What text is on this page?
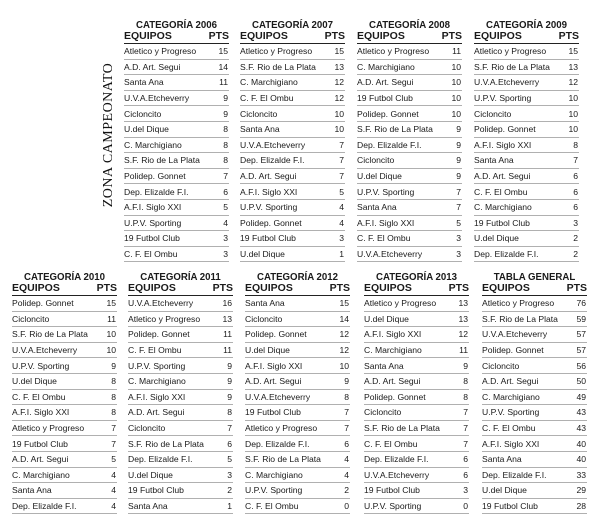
ZONA CAMPEONATO
CATEGORÍA 2006
EQUIPOS	PTS
Atletico y Progreso	15
A.D. Art. Segui	14
Santa Ana	11
U.V.A.Etcheverry	9
Cicloncito	9
U.del Dique	8
C. Marchigiano	8
S.F. Rio de La Plata	8
Polidep. Gonnet	7
Dep. Elizalde F.I.	6
A.F.I. Siglo XXI	5
U.P.V. Sporting	4
19 Futbol Club	3
C. F. El Ombu	3
CATEGORÍA 2007
EQUIPOS	PTS
Atletico y Progreso	15
S.F. Rio de La Plata 13
C. Marchigiano	12
C. F. El Ombu	12
Cicloncito	10
Santa Ana	10
U.V.A.Etcheverry	7
Dep. Elizalde F.I.	7
A.D. Art. Segui	7
A.F.I. Siglo XXI	5
U.P.V. Sporting	4
Polidep. Gonnet	4
19 Futbol Club	3
U.del Dique	1
CATEGORÍA 2008
EQUIPOS	PTS
Atletico y Progreso	11
C. Marchigiano	10
A.D. Art. Segui	10
19 Futbol Club	10
Polidep. Gonnet	10
S.F. Rio de La Plata	9
Dep. Elizalde F.I.	9
Cicloncito	9
U.del Dique	9
U.P.V. Sporting	7
Santa Ana	7
A.F.I. Siglo XXI	5
C. F. El Ombu	3
U.V.A.Etcheverry	3
CATEGORÍA 2009
EQUIPOS	PTS
Atletico y Progreso	15
S.F. Rio de La Plata 13
U.V.A.Etcheverry	12
U.P.V. Sporting	10
Cicloncito	10
Polidep. Gonnet	10
A.F.I. Siglo XXI	8
Santa Ana	7
A.D. Art. Segui	6
C. F. El Ombu	6
C. Marchigiano	6
19 Futbol Club	3
U.del Dique	2
Dep. Elizalde F.I.	2
CATEGORÍA 2010
EQUIPOS	PTS
Polidep. Gonnet	15
Cicloncito	11
S.F. Rio de La Plata 10
U.V.A.Etcheverry	10
U.P.V. Sporting	9
U.del Dique	8
C. F. El Ombu	8
A.F.I. Siglo XXI	8
Atletico y Progreso	7
19 Futbol Club	7
A.D. Art. Segui	5
C. Marchigiano	4
Santa Ana	4
Dep. Elizalde F.I.	4
CATEGORÍA 2011
EQUIPOS	PTS
U.V.A.Etcheverry	16
Atletico y Progreso	13
Polidep. Gonnet	11
C. F. El Ombu	11
U.P.V. Sporting	9
C. Marchigiano	9
A.F.I. Siglo XXI	9
A.D. Art. Segui	8
Cicloncito	7
S.F. Rio de La Plata	6
Dep. Elizalde F.I.	5
U.del Dique	3
19 Futbol Club	2
Santa Ana	1
CATEGORÍA 2012
EQUIPOS	PTS
Santa Ana	15
Cicloncito	14
Polidep. Gonnet	12
U.del Dique	12
A.F.I. Siglo XXI	10
A.D. Art. Segui	9
U.V.A.Etcheverry	8
19 Futbol Club	7
Atletico y Progreso	7
Dep. Elizalde F.I.	6
S.F. Rio de La Plata	4
C. Marchigiano	4
U.P.V. Sporting	2
C. F. El Ombu	0
CATEGORÍA 2013
EQUIPOS	PTS
Atletico y Progreso	13
U.del Dique	13
A.F.I. Siglo XXI	12
C. Marchigiano	11
Santa Ana	9
A.D. Art. Segui	8
Polidep. Gonnet	8
Cicloncito	7
S.F. Rio de La Plata	7
C. F. El Ombu	7
Dep. Elizalde F.I.	6
U.V.A.Etcheverry	6
19 Futbol Club	3
U.P.V. Sporting	0
TABLA GENERAL
EQUIPOS	PTS
Atletico y Progreso	76
S.F. Rio de La Plata 59
U.V.A.Etcheverry	57
Polidep. Gonnet	57
Cicloncito	56
A.D. Art. Segui	50
C. Marchigiano	49
U.P.V. Sporting	43
C. F. El Ombu	43
A.F.I. Siglo XXI	40
Santa Ana	40
Dep. Elizalde F.I.	33
U.del Dique	29
19 Futbol Club	28
